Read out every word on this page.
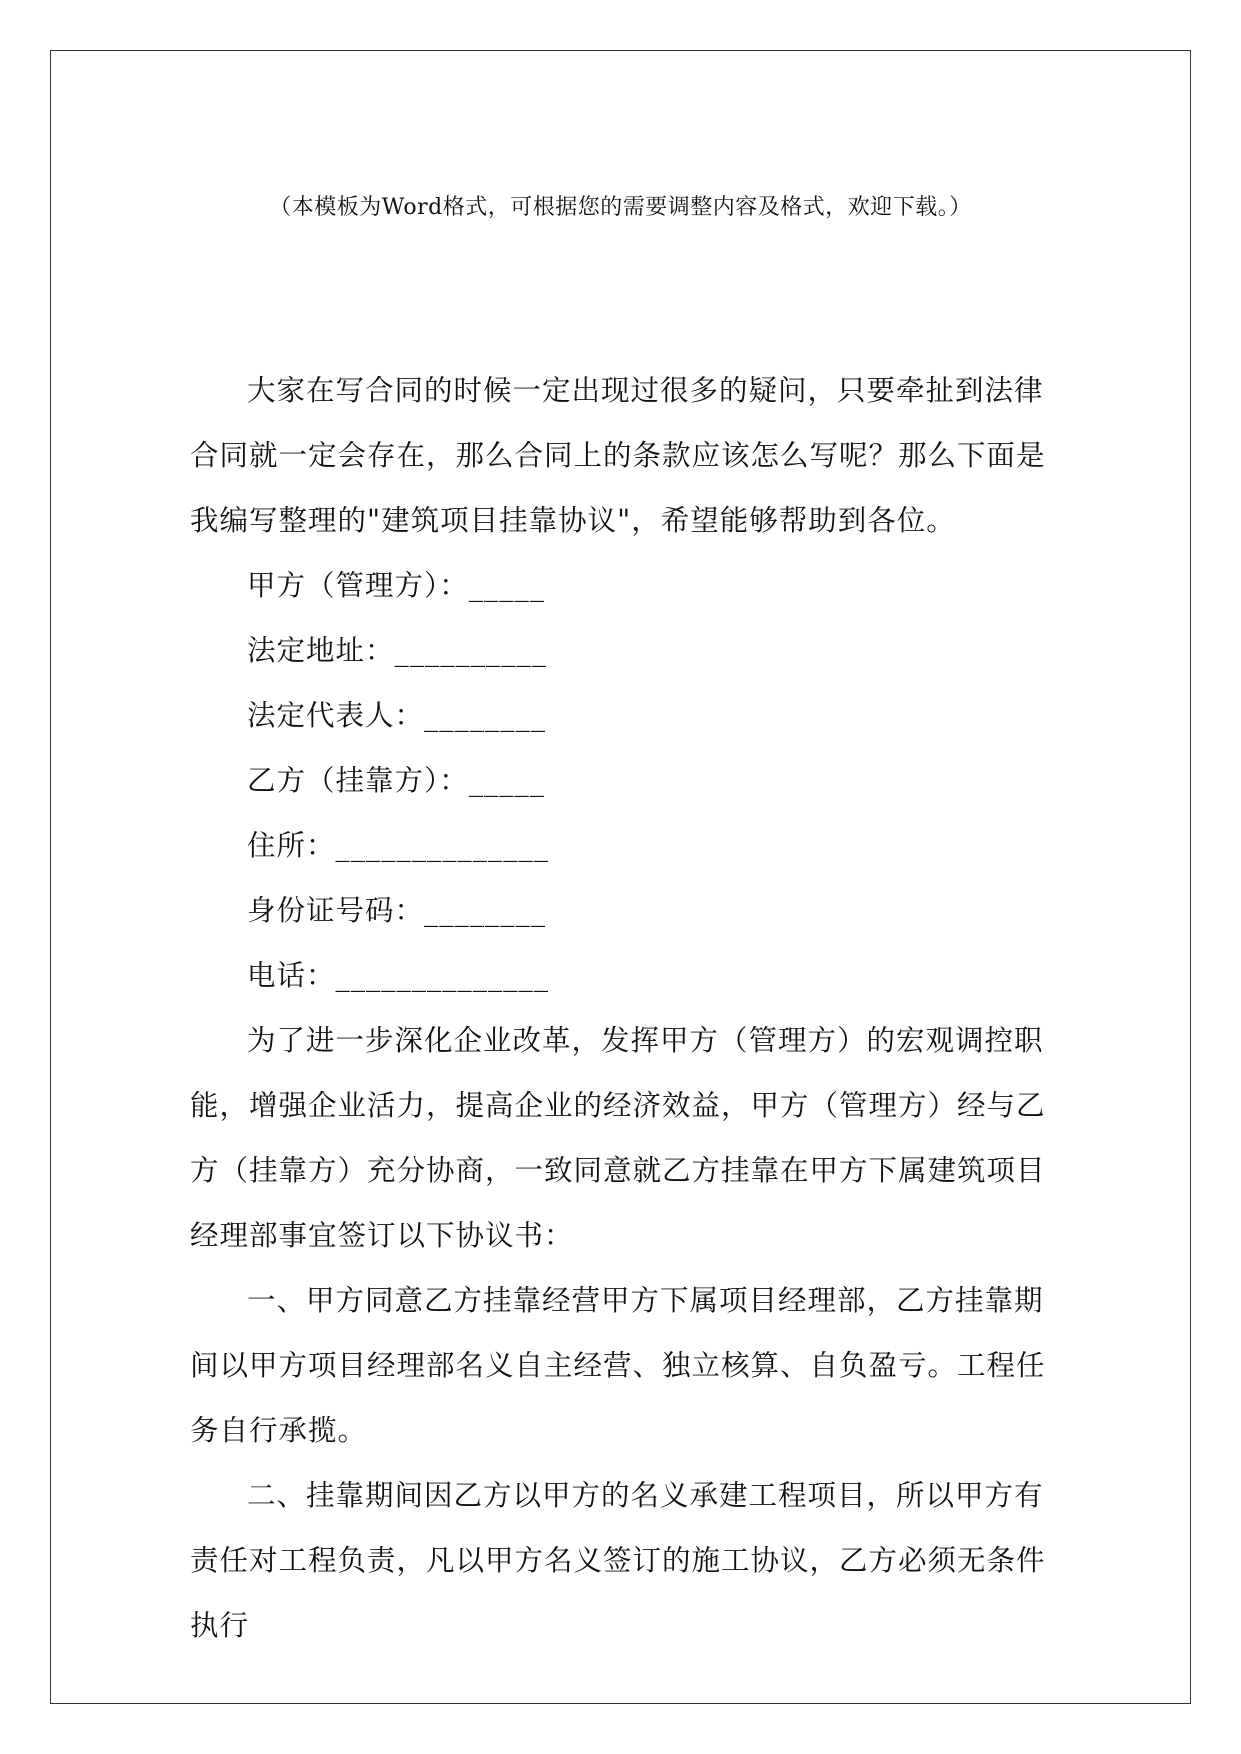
（本模板为Word格式，可根据您的需要调整内容及格式，欢迎下载。）

大家在写合同的时候一定出现过很多的疑问，只要牵扯到法律合同就一定会存在，那么合同上的条款应该怎么写呢？那么下面是我编写整理的"建筑项目挂靠协议"，希望能够帮助到各位。

甲方（管理方）：_____

法定地址：__________

法定代表人：________

乙方（挂靠方）：_____

住所：______________

身份证号码：________

电话：______________

为了进一步深化企业改革，发挥甲方（管理方）的宏观调控职能，增强企业活力，提高企业的经济效益，甲方（管理方）经与乙方（挂靠方）充分协商，一致同意就乙方挂靠在甲方下属建筑项目经理部事宜签订以下协议书：

一、甲方同意乙方挂靠经营甲方下属项目经理部，乙方挂靠期间以甲方项目经理部名义自主经营、独立核算、自负盈亏。工程任务自行承揽。

二、挂靠期间因乙方以甲方的名义承建工程项目，所以甲方有责任对工程负责，凡以甲方名义签订的施工协议，乙方必须无条件执行
